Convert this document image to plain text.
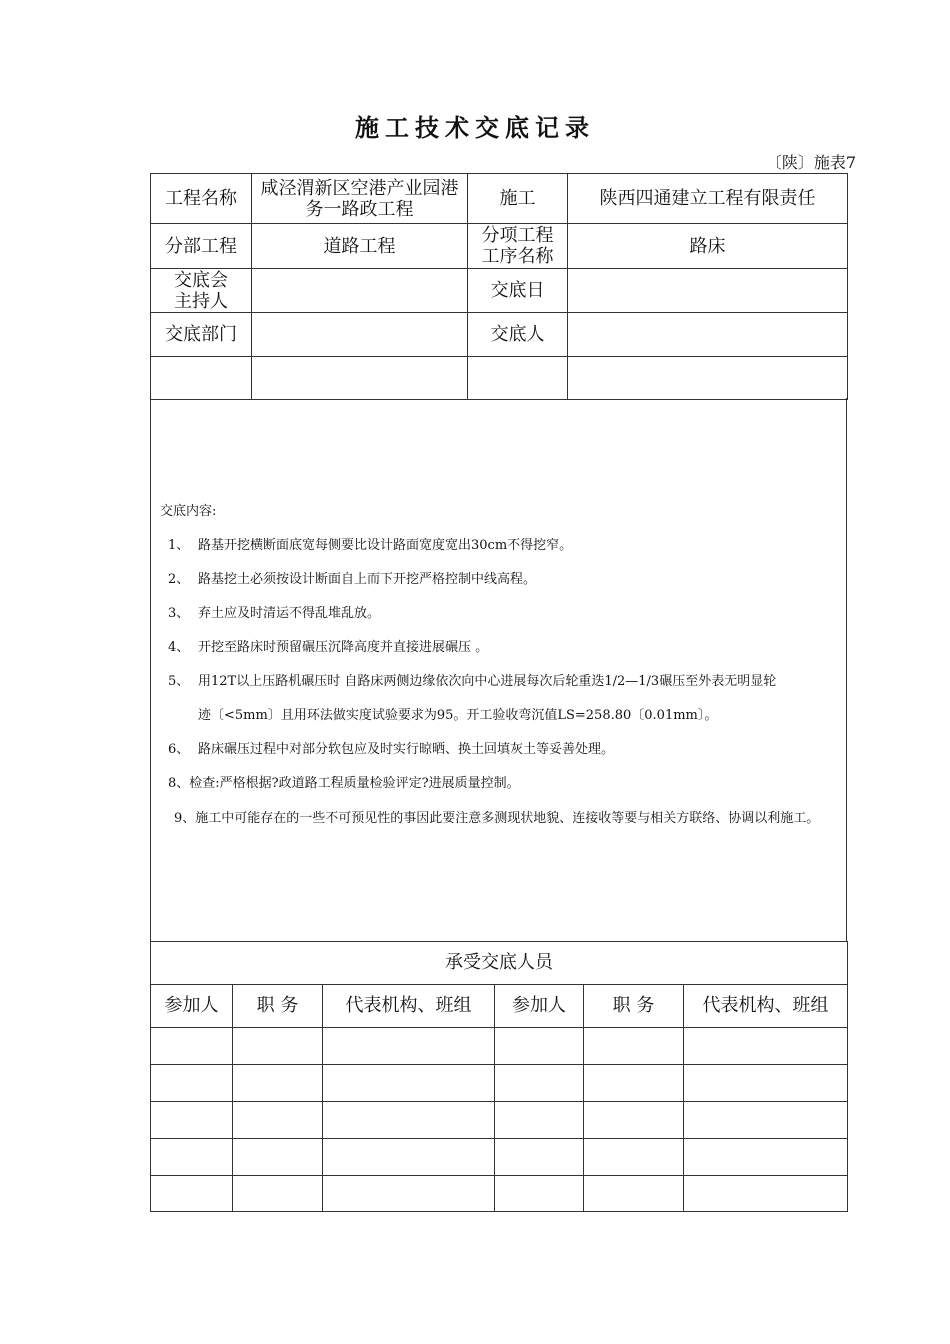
施工技术交底记录
〔陕〕施表7
工程名称	咸泾渭新区空港产业园港务一路政工程	施工	陕西四通建立工程有限责任
分部工程	道路工程	分项工程工序名称	路床
交底会主持人		交底日	
交底部门		交底人	

交底内容:

1、 路基开挖横断面底宽每侧要比设计路面宽度宽出30cm不得挖窄。

2、 路基挖土必须按设计断面自上而下开挖严格控制中线高程。

3、 弃土应及时清运不得乱堆乱放。

4、 开挖至路床时预留碾压沉降高度并直接进展碾压 。

5、 用12T以上压路机碾压时 自路床两侧边缘依次向中心进展每次后轮重迭1/2—1/3碾压至外表无明显轮

迹〔<5mm〕且用环法做实度试验要求为95。开工验收弯沉值LS=258.80〔0.01mm〕。

6、 路床碾压过程中对部分软包应及时实行晾晒、换土回填灰土等妥善处理。

8、检查:严格根据?政道路工程质量检验评定?进展质量控制。

9、施工中可能存在的一些不可预见性的事因此要注意多测现状地貌、连接收等要与相关方联络、协调以利施工。

承受交底人员					
参加人	职 务	代表机构、班组	参加人	职 务	代表机构、班组
